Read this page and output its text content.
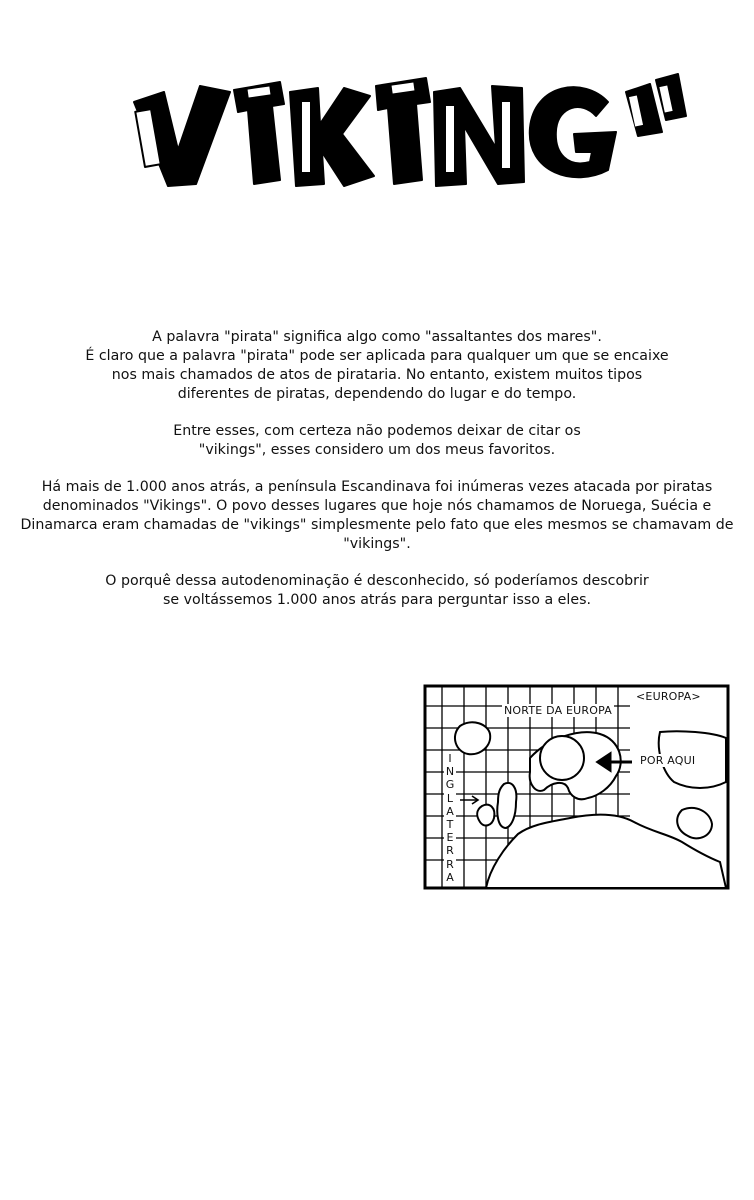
A palavra "pirata" significa algo como "assaltantes dos mares".
É claro que a palavra "pirata" pode ser aplicada para qualquer um que se encaixe
nos mais chamados de atos de pirataria. No entanto, existem muitos tipos
diferentes de piratas, dependendo do lugar e do tempo.

Entre esses, com certeza não podemos deixar de citar os
"vikings", esses considero um dos meus favoritos.

Há mais de 1.000 anos atrás, a península Escandinava foi inúmeras vezes atacada por piratas
denominados "Vikings". O povo desses lugares que hoje nós chamamos de Noruega, Suécia e
Dinamarca eram chamadas de "vikings" simplesmente pelo fato que eles mesmos se chamavam de
"vikings".

O porquê dessa autodenominação é desconhecido, só poderíamos descobrir
se voltássemos 1.000 anos atrás para perguntar isso a eles.

NORTE DA EUROPA
<EUROPA>
POR AQUI
I
N
G
L
A
T
E
R
R
A
